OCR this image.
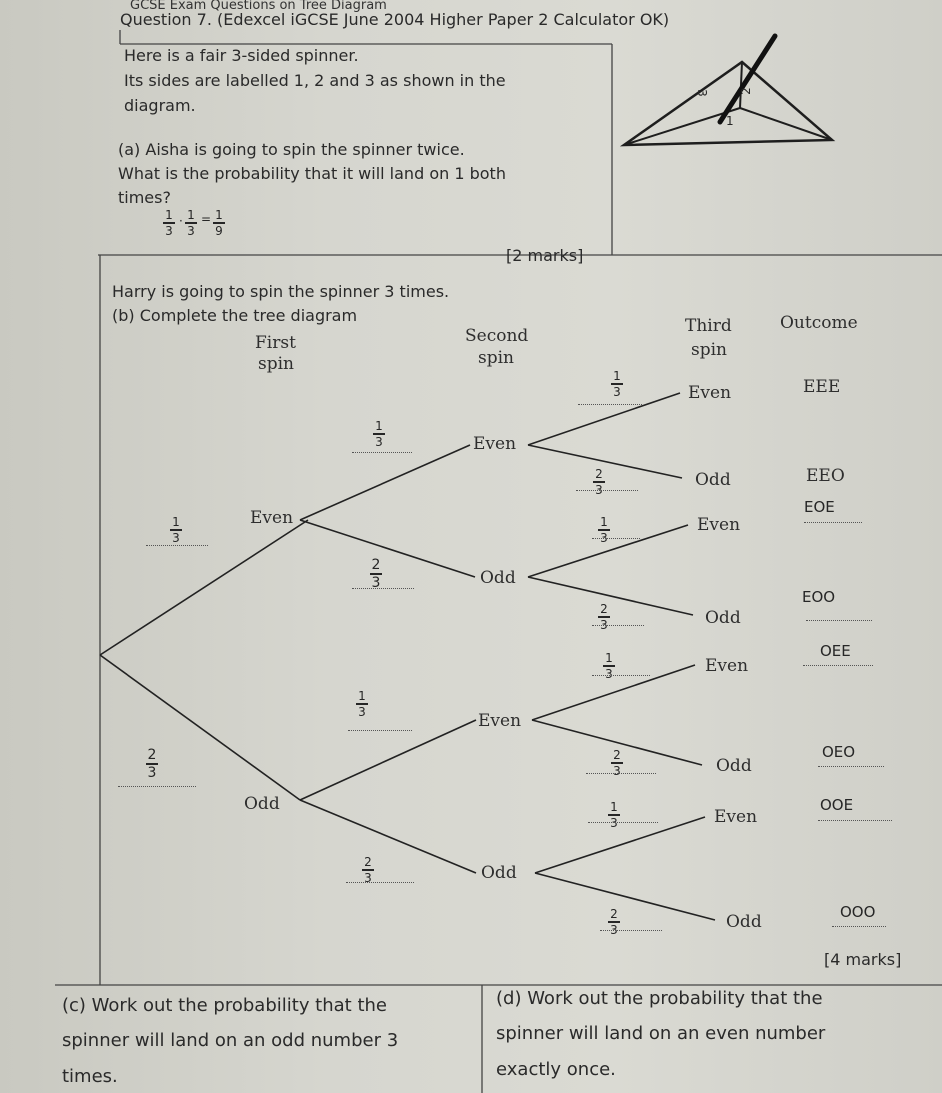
GCSE Exam Questions on Tree Diagram
Question 7. (Edexcel iGCSE June 2004 Higher Paper 2 Calculator OK)
Here is a fair 3-sided spinner.
Its sides are labelled 1, 2 and 3 as shown in the
diagram.
3	2
1
(a) Aisha is going to spin the spinner twice.
What is the probability that it will land on 1 both
times?
1
3
· 1
3
= 1
9
[2 marks]
Harry is going to spin the spinner 3 times.
(b) Complete the tree diagram
First
spin
Second
spin
Third
spin
Outcome
1
3
Even
2
3
Odd
1
3	Even
2
3	Odd
1
3	Even
2
3	Odd
1
3	Even	EEE
2
3	Odd	EEO
1
3
Even
EOE
2
3	Odd
EOO
1
3	Even
OEE
2
3	Odd
OEO
1
3	Even
OOE
2
3	Odd	OOO
[4 marks]
(c) Work out the probability that the
spinner will land on an odd number 3
times.
(d) Work out the probability that the
spinner will land on an even number
exactly once.
